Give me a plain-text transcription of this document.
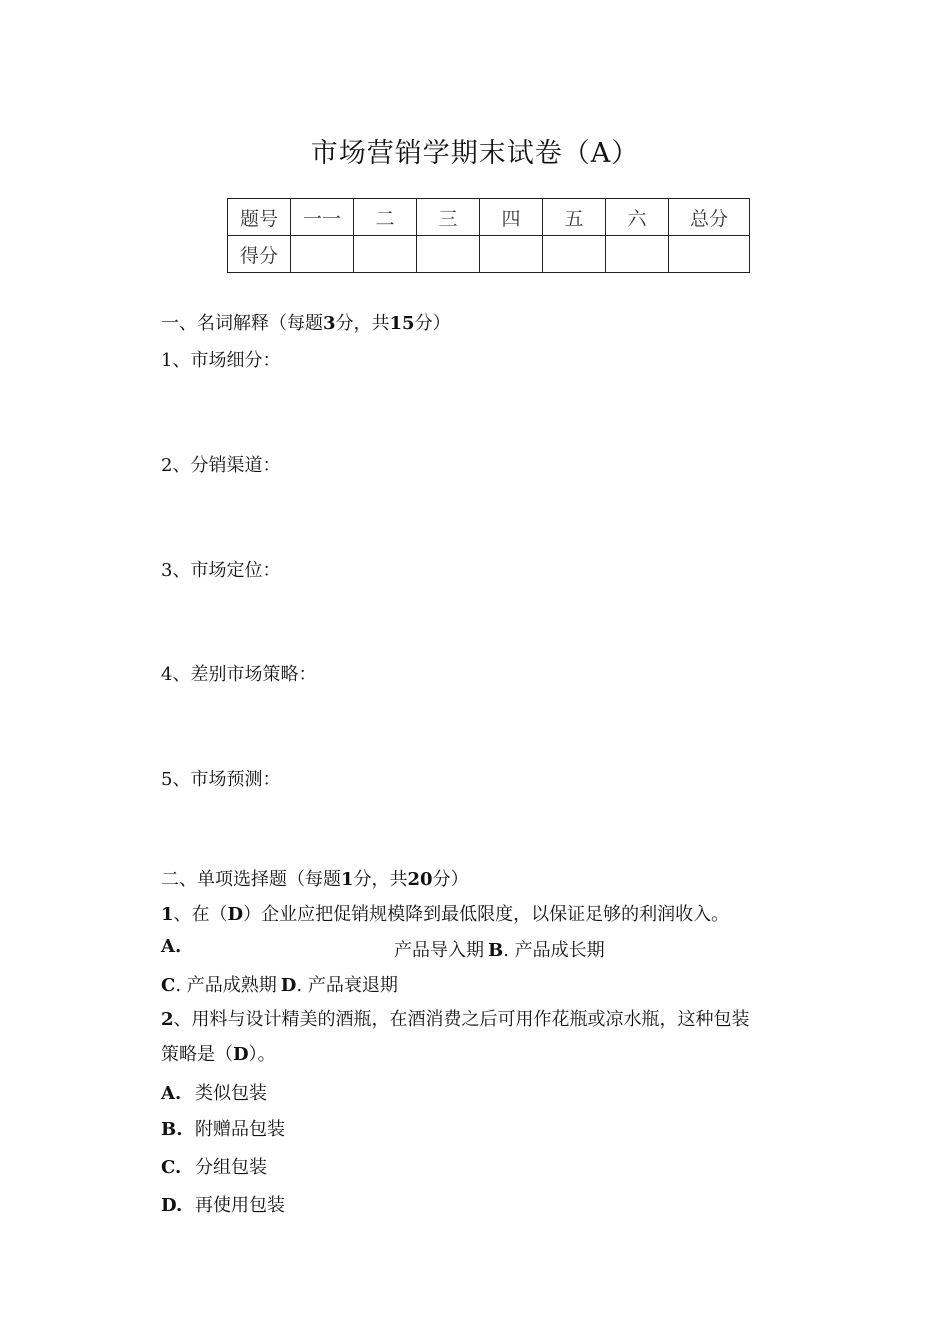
市场营销学期末试卷（A）
题号	一一	二	三	四	五	六	总分
得分							
一、名词解释（每题3分，共15分）
1、市场细分：
2、分销渠道：
3、市场定位：
4、差别市场策略：
5、市场预测：
二、单项选择题（每题1分，共20分）
1、在（D）企业应把促销规模降到最低限度，以保证足够的利润收入。
A.	产品导入期 B. 产品成长期
C. 产品成熟期 D. 产品衰退期
2、用料与设计精美的酒瓶，在酒消费之后可用作花瓶或凉水瓶，这种包装
策略是（D）。
A. 类似包装
B. 附赠品包装
C. 分组包装
D. 再使用包装
